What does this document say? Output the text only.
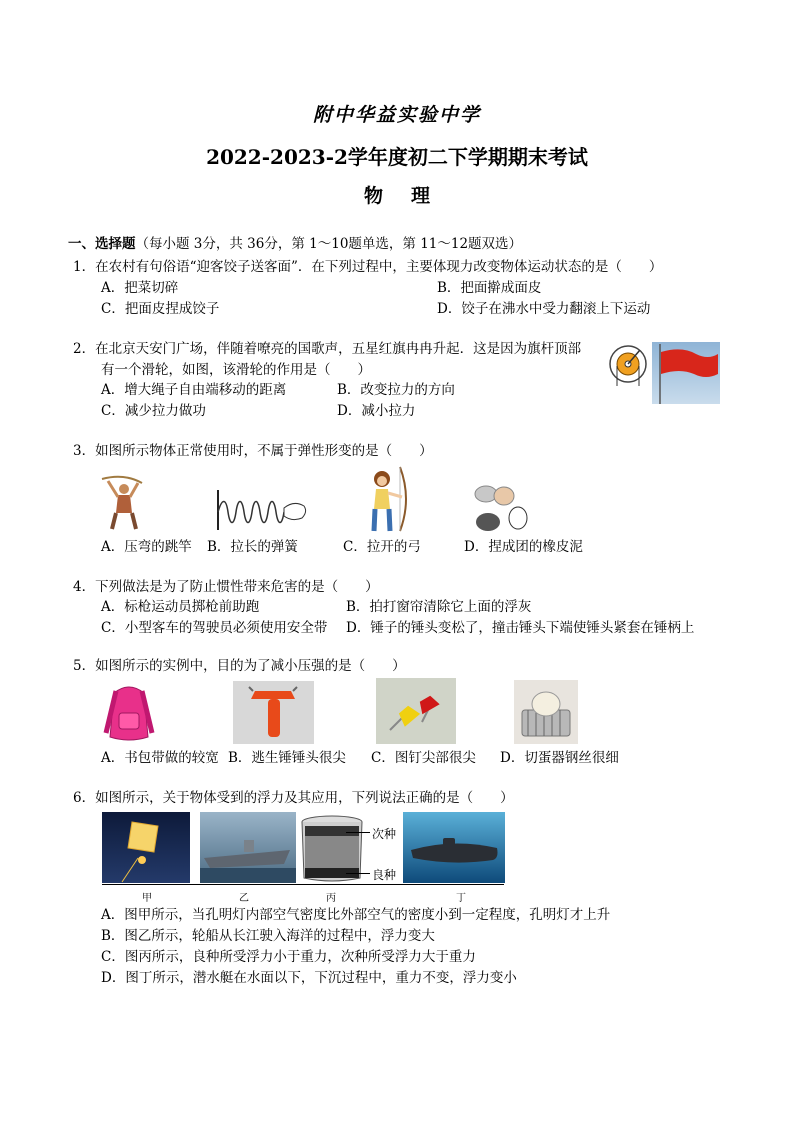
附中华益实验中学
2022-2023-2学年度初二下学期期末考试
物理
一、选择题（每小题 3分，共 36分，第 1～10题单选，第 11～12题双选）
1．在农村有句俗语“迎客饺子送客面”．在下列过程中，主要体现力改变物体运动状态的是（　　）
A．把菜切碎	B．把面擀成面皮
C．把面皮捏成饺子	D．饺子在沸水中受力翻滚上下运动
2．在北京天安门广场，伴随着嘹亮的国歌声，五星红旗冉冉升起．这是因为旗杆顶部
有一个滑轮，如图，该滑轮的作用是（　　）
A．增大绳子自由端移动的距离	B．改变拉力的方向
C．减少拉力做功	D．减小拉力
3．如图所示物体正常使用时，不属于弹性形变的是（　　）
A．压弯的跳竿 B．拉长的弹簧	C．拉开的弓	D．捏成团的橡皮泥
4．下列做法是为了防止惯性带来危害的是（　　）
A．标枪运动员掷枪前助跑	B．拍打窗帘清除它上面的浮灰
C．小型客车的驾驶员必须使用安全带 D．锤子的锤头变松了，撞击锤头下端使锤头紧套在锤柄上
5．如图所示的实例中，目的为了减小压强的是（　　）
A．书包带做的较宽 B．逃生锤锤头很尖 C．图钉尖部很尖 D．切蛋器钢丝很细
6．如图所示，关于物体受到的浮力及其应用，下列说法正确的是（　　）
次种
良种
甲	乙	丙	丁
A．图甲所示，当孔明灯内部空气密度比外部空气的密度小到一定程度，孔明灯才上升
B．图乙所示，轮船从长江驶入海洋的过程中，浮力变大
C．图丙所示，良种所受浮力小于重力，次种所受浮力大于重力
D．图丁所示，潜水艇在水面以下，下沉过程中，重力不变，浮力变小
